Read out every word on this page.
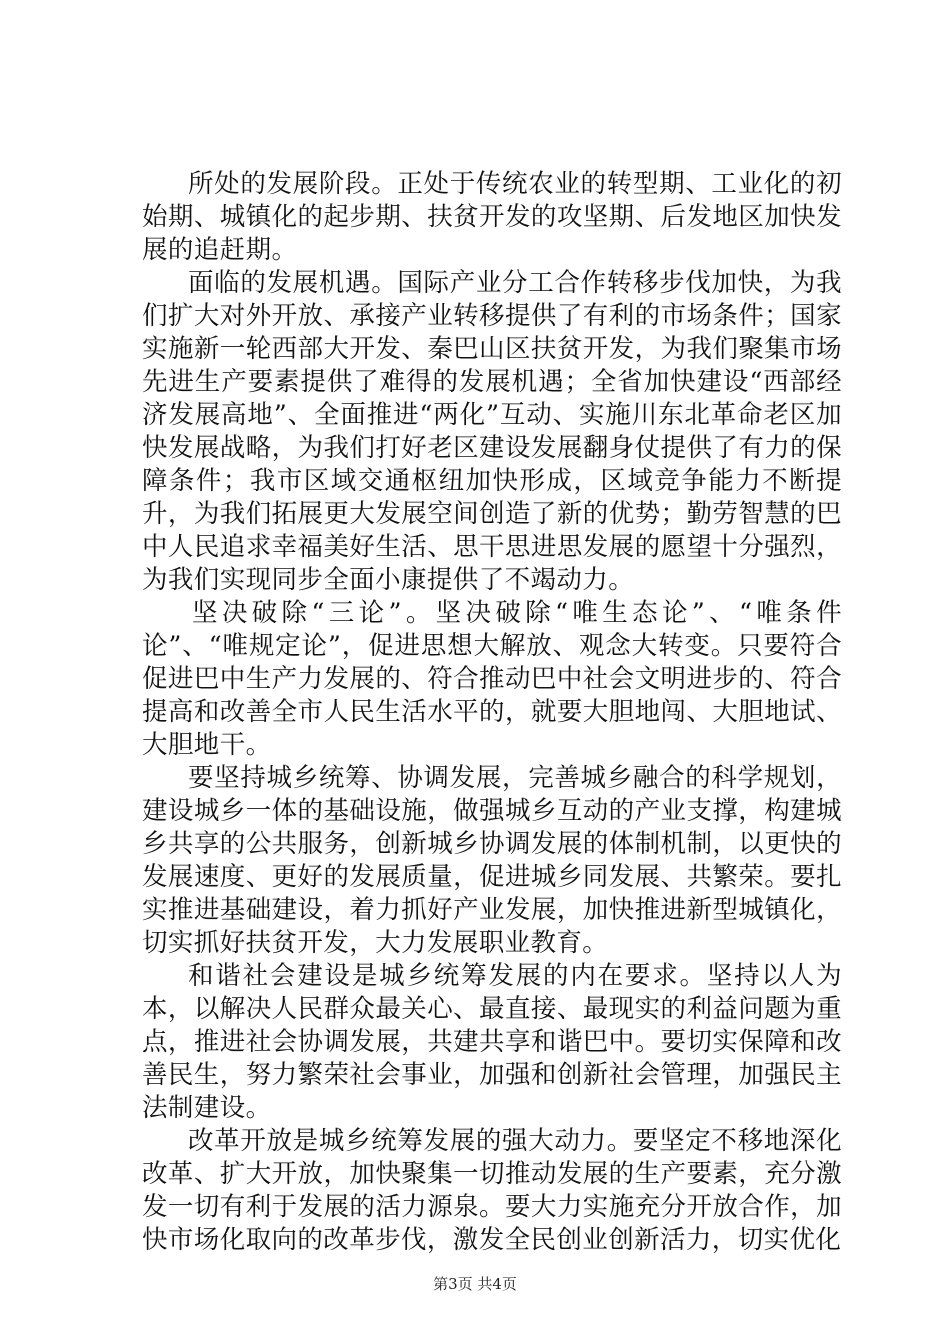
所处的发展阶段。正处于传统农业的转型期、工业化的初始期、城镇化的起步期、扶贫开发的攻坚期、后发地区加快发展的追赶期。

面临的发展机遇。国际产业分工合作转移步伐加快，为我们扩大对外开放、承接产业转移提供了有利的市场条件；国家实施新一轮西部大开发、秦巴山区扶贫开发，为我们聚集市场先进生产要素提供了难得的发展机遇；全省加快建设“西部经济发展高地”、全面推进“两化”互动、实施川东北革命老区加快发展战略，为我们打好老区建设发展翻身仗提供了有力的保障条件；我市区域交通枢纽加快形成，区域竞争能力不断提升，为我们拓展更大发展空间创造了新的优势；勤劳智慧的巴中人民追求幸福美好生活、思干思进思发展的愿望十分强烈，为我们实现同步全面小康提供了不竭动力。

坚决破除“三论”。坚决破除“唯生态论”、“唯条件论”、“唯规定论”，促进思想大解放、观念大转变。只要符合促进巴中生产力发展的、符合推动巴中社会文明进步的、符合提高和改善全市人民生活水平的，就要大胆地闯、大胆地试、大胆地干。

要坚持城乡统筹、协调发展，完善城乡融合的科学规划，建设城乡一体的基础设施，做强城乡互动的产业支撑，构建城乡共享的公共服务，创新城乡协调发展的体制机制，以更快的发展速度、更好的发展质量，促进城乡同发展、共繁荣。要扎实推进基础建设，着力抓好产业发展，加快推进新型城镇化，切实抓好扶贫开发，大力发展职业教育。

和谐社会建设是城乡统筹发展的内在要求。坚持以人为本，以解决人民群众最关心、最直接、最现实的利益问题为重点，推进社会协调发展，共建共享和谐巴中。要切实保障和改善民生，努力繁荣社会事业，加强和创新社会管理，加强民主法制建设。

改革开放是城乡统筹发展的强大动力。要坚定不移地深化改革、扩大开放，加快聚集一切推动发展的生产要素，充分激发一切有利于发展的活力源泉。要大力实施充分开放合作，加快市场化取向的改革步伐，激发全民创业创新活力，切实优化

第3页 共4页
